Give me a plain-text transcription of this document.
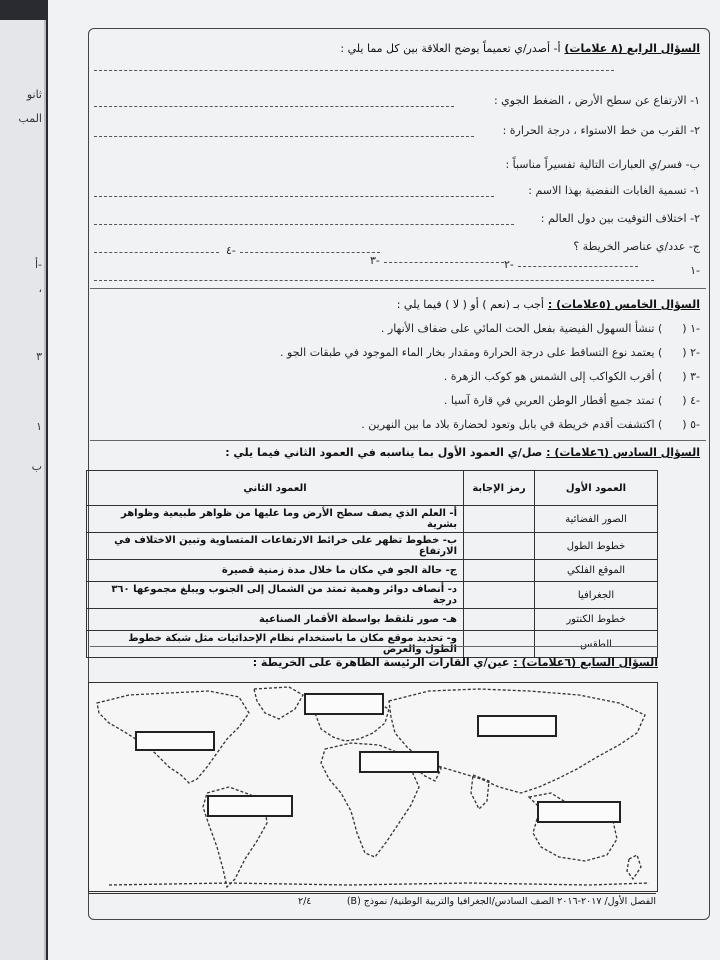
ثانو
المب
أ-
،
٣
١
ب
السؤال الرابع (٨ علامات) أ- أصدر/ي تعميماً يوضح العلاقة بين كل مما يلي :
١- الارتفاع عن سطح الأرض ، الضغط الجوي :
٢- القرب من خط الاستواء ، درجة الحرارة :
ب- فسر/ي العبارات التالية تفسيراً مناسباً :
١- تسمية الغابات النفضية بهذا الاسم :
٢- اختلاف التوقيت بين دول العالم :
ج- عدد/ي عناصر الخريطة ؟
-٤
-٣	-٢	-١
السؤال الخامس (٥علامات) : أجب بـ (نعم ) أو ( لا ) فيما يلي :
-١ () تنشأ السهول الفيضية بفعل الحت المائي على ضفاف الأنهار .
-٢ () يعتمد نوع التساقط على درجة الحرارة ومقدار بخار الماء الموجود في طبقات الجو .
-٣ () أقرب الكواكب إلى الشمس هو كوكب الزهرة .
-٤ () تمتد جميع أقطار الوطن العربي في قارة آسيا .
-٥ () اكتشفت أقدم خريطة في بابل وتعود لحضارة بلاد ما بين النهرين .
السؤال السادس (٦علامات) : صل/ي العمود الأول بما يناسبه في العمود الثاني فيما يلي :
العمود الأول	رمز الإجابة	العمود الثاني
الصور الفضائية		أ- العلم الذي يصف سطح الأرض وما عليها من ظواهر طبيعية وظواهر بشرية
خطوط الطول		ب- خطوط تظهر على خرائط الارتفاعات المتساوية وتبين الاختلاف في الارتفاع
الموقع الفلكي		ج- حالة الجو في مكان ما خلال مدة زمنية قصيرة
الجغرافيا		د- أنصاف دوائر وهمية تمتد من الشمال إلى الجنوب ويبلغ مجموعها ٣٦٠ درجة
خطوط الكنتور		هـ- صور تلتقط بواسطة الأقمار الصناعية
الطقس		و- تحديد موقع مكان ما باستخدام نظام الإحداثيات مثل شبكة خطوط الطول والعرض
السؤال السابع (٦علامات) : عين/ي القارات الرئيسة الظاهرة على الخريطة :
الفصل الأول/ ٢٠١٧-٢٠١٦ الصف السادس/الجغرافيا والتربية الوطنية/ نموذج (B)
٢/٤
